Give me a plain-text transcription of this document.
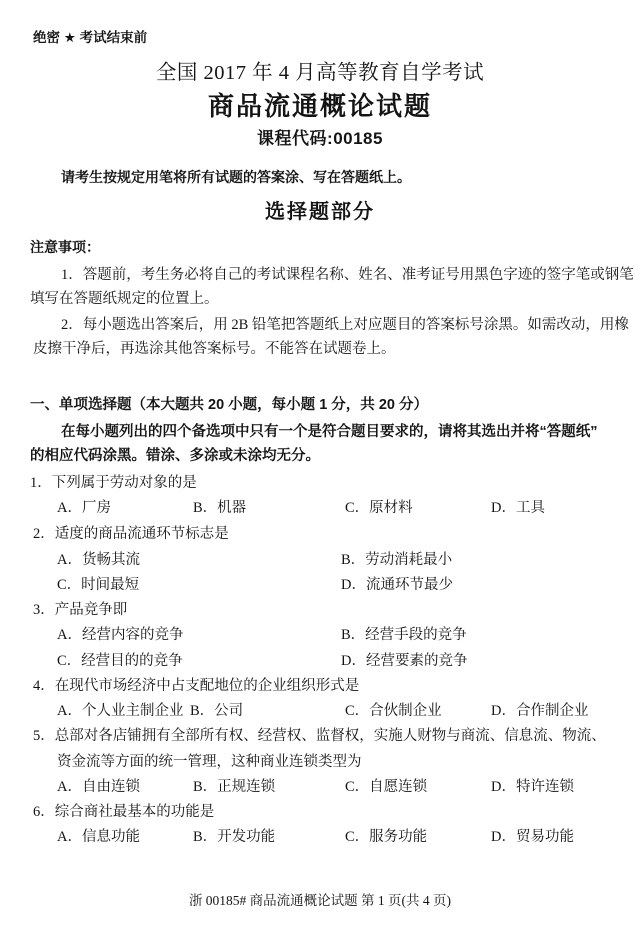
绝密 ★ 考试结束前
全国 2017 年 4 月高等教育自学考试
商品流通概论试题
课程代码:00185
请考生按规定用笔将所有试题的答案涂、写在答题纸上。
选择题部分
注意事项：
1．答题前，考生务必将自己的考试课程名称、姓名、准考证号用黑色字迹的签字笔或钢笔
填写在答题纸规定的位置上。
2．每小题选出答案后，用 2B 铅笔把答题纸上对应题目的答案标号涂黑。如需改动，用橡
皮擦干净后，再选涂其他答案标号。不能答在试题卷上。
一、单项选择题（本大题共 20 小题，每小题 1 分，共 20 分）
在每小题列出的四个备选项中只有一个是符合题目要求的，请将其选出并将“答题纸”
的相应代码涂黑。错涂、多涂或未涂均无分。
1．下列属于劳动对象的是
A．厂房	B．机器	C．原材料	D．工具
2．适度的商品流通环节标志是
A．货畅其流	B．劳动消耗最小
C．时间最短	D．流通环节最少
3．产品竞争即
A．经营内容的竞争	B．经营手段的竞争
C．经营目的的竞争	D．经营要素的竞争
4．在现代市场经济中占支配地位的企业组织形式是
A．个人业主制企业 B．公司	C．合伙制企业	D．合作制企业
5．总部对各店铺拥有全部所有权、经营权、监督权，实施人财物与商流、信息流、物流、
资金流等方面的统一管理，这种商业连锁类型为
A．自由连锁	B．正规连锁	C．自愿连锁	D．特许连锁
6．综合商社最基本的功能是
A．信息功能	B．开发功能	C．服务功能	D．贸易功能
浙 00185# 商品流通概论试题 第 1 页(共 4 页)
